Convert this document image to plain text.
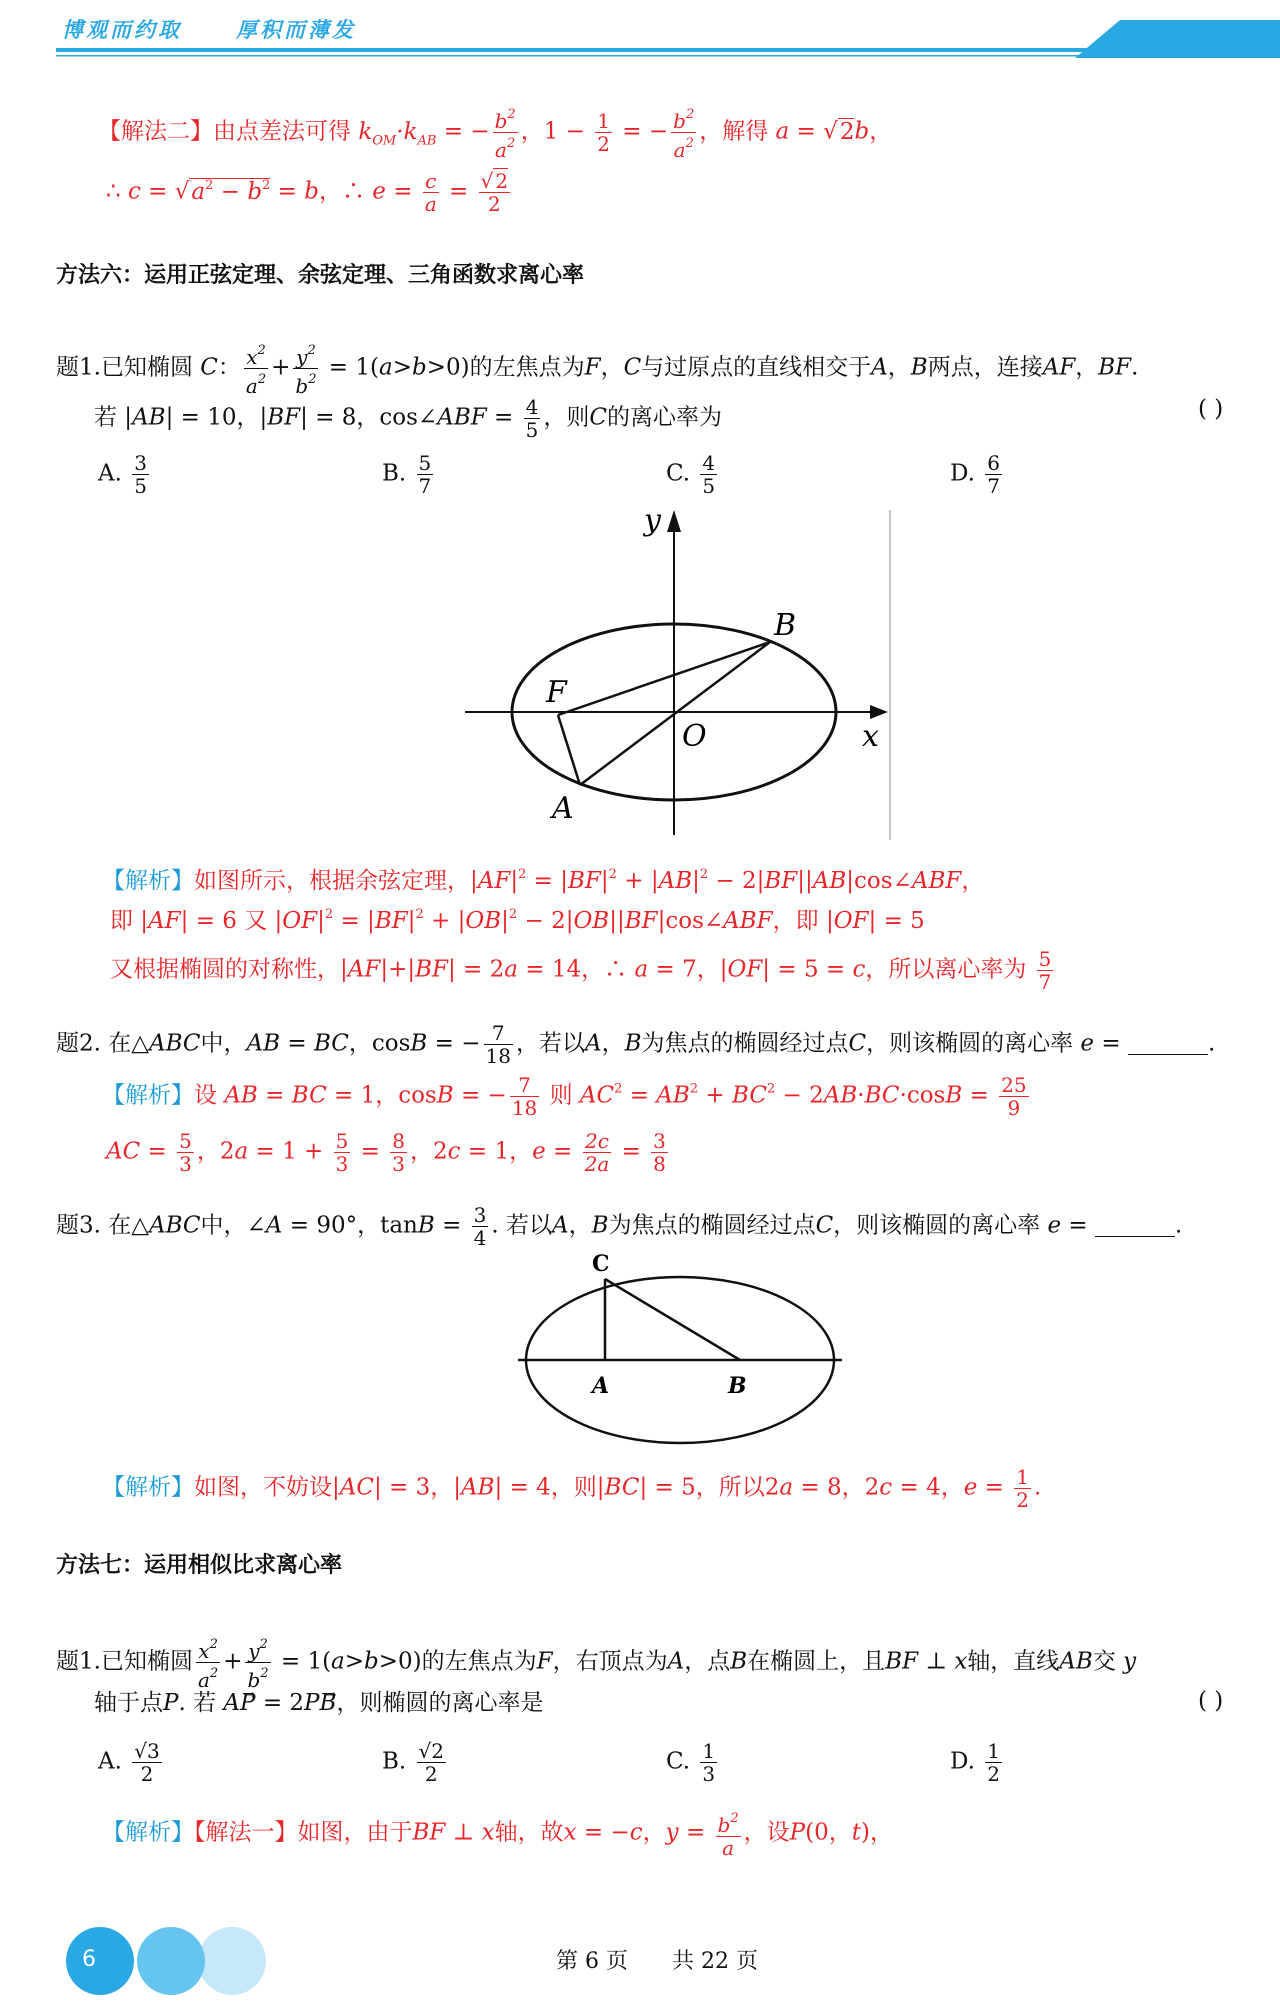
博观而约取	厚积而薄发
【解法二】由点差法可得 $k_{OM}\cdot k_{AB}$ = − $\frac{b^2}{a^2}$ ，$1 - \frac{1}{2}$ = − $\frac{b^2}{a^2}$ ，解得 a = √2b，
∴ $c = √a^2 - b^2 = b$，∴ $e = \frac{c}{a} = \frac{√ 2}{2}$
方法六：运用正弦定理、余弦定理、三角函数求离心率
题1.已知椭圆 C： $\frac{x^2}{a^2} + \frac{y^2}{b^2} = 1(a>b>0)$的左焦点为F，C与过原点的直线相交于A，B两点，连接AF，BF.
若 |AB| = 10，|BF| = 8，cos∠ABF = $\frac{4}{5}$ ，则C的离心率为	( )
A. $\frac{3}{5}$	B. $\frac{5}{7}$	C. $\frac{4}{5}$	D. $\frac{6}{7}$
y
x
B
F
O
A
【解析】如图所示，根据余弦定理，$|AF|^2 = |BF|^2 + |AB|^2$ − 2|BF||AB|cos∠ABF，
即 |AF| = 6 又 $|OF|^2 = |BF|^2 + |OB|^2$ − 2|OB||BF|cos∠ABF，即 |OF| = 5
又根据椭圆的对称性，|AF|+|BF| = 2a = 14，∴ a = 7，|OF| = 5 = c，所以离心率为 $\frac{5}{7}$
题2. 在△ABC中，AB = BC，cosB = − $\frac{7}{18}$ ，若以A，B为焦点的椭圆经过点C，则该椭圆的离心率 e =	.
【解析】设 AB = BC = 1，cosB = − $\frac{7}{18}$ 则 $AC^2 = AB^2 + BC^2 - 2AB\cdot BC\cdot\cos B = \frac{25}{9}$
AC = $\frac{5}{3}$ ，$2a = 1 + \frac{5}{3} = \frac{8}{3}$ ，2c = 1，$e = \frac{2c}{2a} = \frac{3}{8}$
题3. 在△ABC中，∠A = 90°，$\tan B = \frac{3}{4}$ . 若以A，B为焦点的椭圆经过点C，则该椭圆的离心率 e =	.
C
A	B
【解析】如图，不妨设|AC| = 3，|AB| = 4，则|BC| = 5，所以2a = 8，2c = 4，$e = \frac{1}{2}$ .
方法七：运用相似比求离心率
题1.已知椭圆 $\frac{x^2}{a^2} + \frac{y^2}{b^2} = 1(a>b>0)$的左焦点为F，右顶点为A，点B在椭圆上，且BF ⊥ x轴，直线AB交 y
轴于点P. 若 AP⃗ = 2PB⃗，则椭圆的离心率是	( )
A. $\frac{√3}{2}$	B. $\frac{√2}{2}$	C. $\frac{1}{3}$	D. $\frac{1}{2}$
【解析】【解法一】如图，由于BF ⊥ x轴，故x = −c，$y = \frac{b^2}{a}$ ，设P(0，t)，
6	第 6 页 共 22 页
